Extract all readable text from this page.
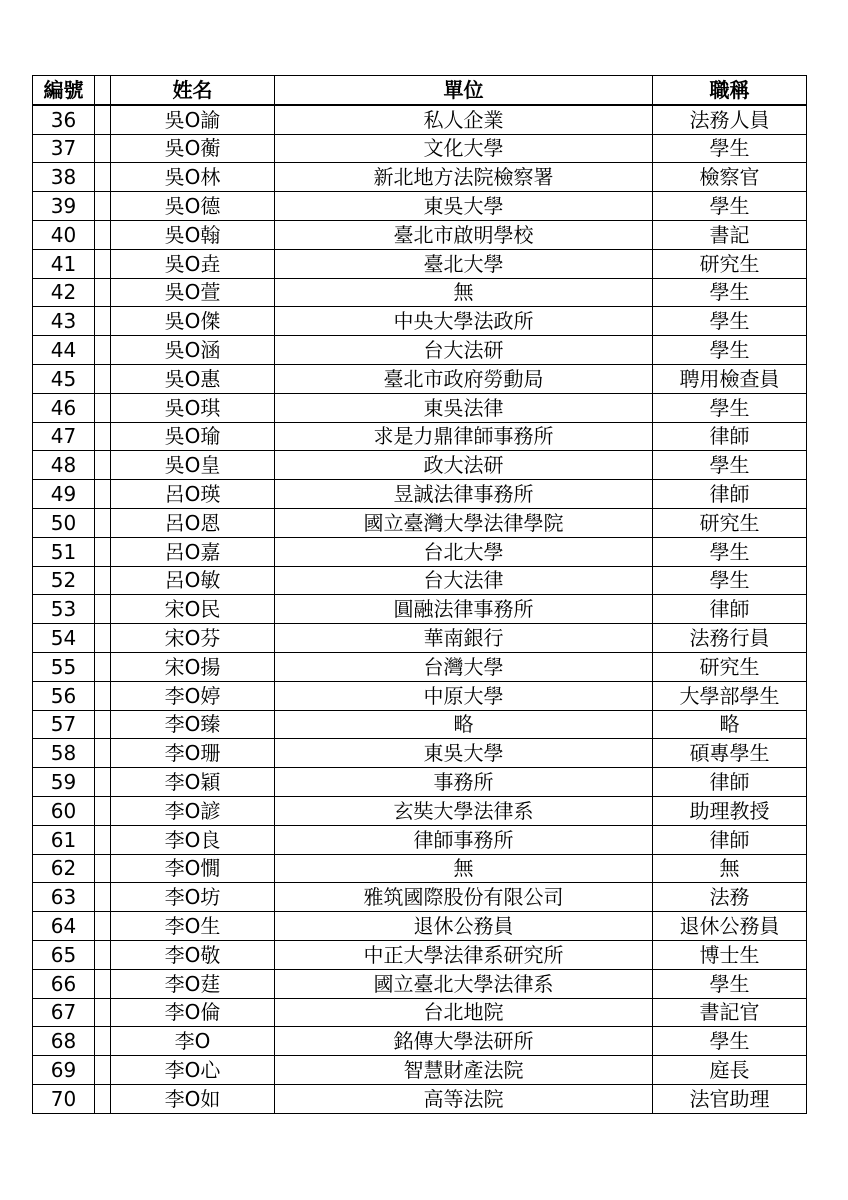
編號		姓名	單位	職稱
36		吳O諭	私人企業	法務人員
37		吳O蘅	文化大學	學生
38		吳O林	新北地方法院檢察署	檢察官
39		吳O德	東吳大學	學生
40		吳O翰	臺北市啟明學校	書記
41		吳O垚	臺北大學	研究生
42		吳O萱	無	學生
43		吳O傑	中央大學法政所	學生
44		吳O涵	台大法研	學生
45		吳O惠	臺北市政府勞動局	聘用檢查員
46		吳O琪	東吳法律	學生
47		吳O瑜	求是力鼎律師事務所	律師
48		吳O皇	政大法研	學生
49		呂O瑛	昱誠法律事務所	律師
50		呂O恩	國立臺灣大學法律學院	研究生
51		呂O嘉	台北大學	學生
52		呂O敏	台大法律	學生
53		宋O民	圓融法律事務所	律師
54		宋O芬	華南銀行	法務行員
55		宋O揚	台灣大學	研究生
56		李O婷	中原大學	大學部學生
57		李O臻	略	略
58		李O珊	東吳大學	碩專學生
59		李O穎	事務所	律師
60		李O諺	玄奘大學法律系	助理教授
61		李O良	律師事務所	律師
62		李O憪	無	無
63		李O坊	雅筑國際股份有限公司	法務
64		李O生	退休公務員	退休公務員
65		李O敬	中正大學法律系研究所	博士生
66		李O莛	國立臺北大學法律系	學生
67		李O倫	台北地院	書記官
68		李O	銘傳大學法研所	學生
69		李O心	智慧財產法院	庭長
70		李O如	高等法院	法官助理
